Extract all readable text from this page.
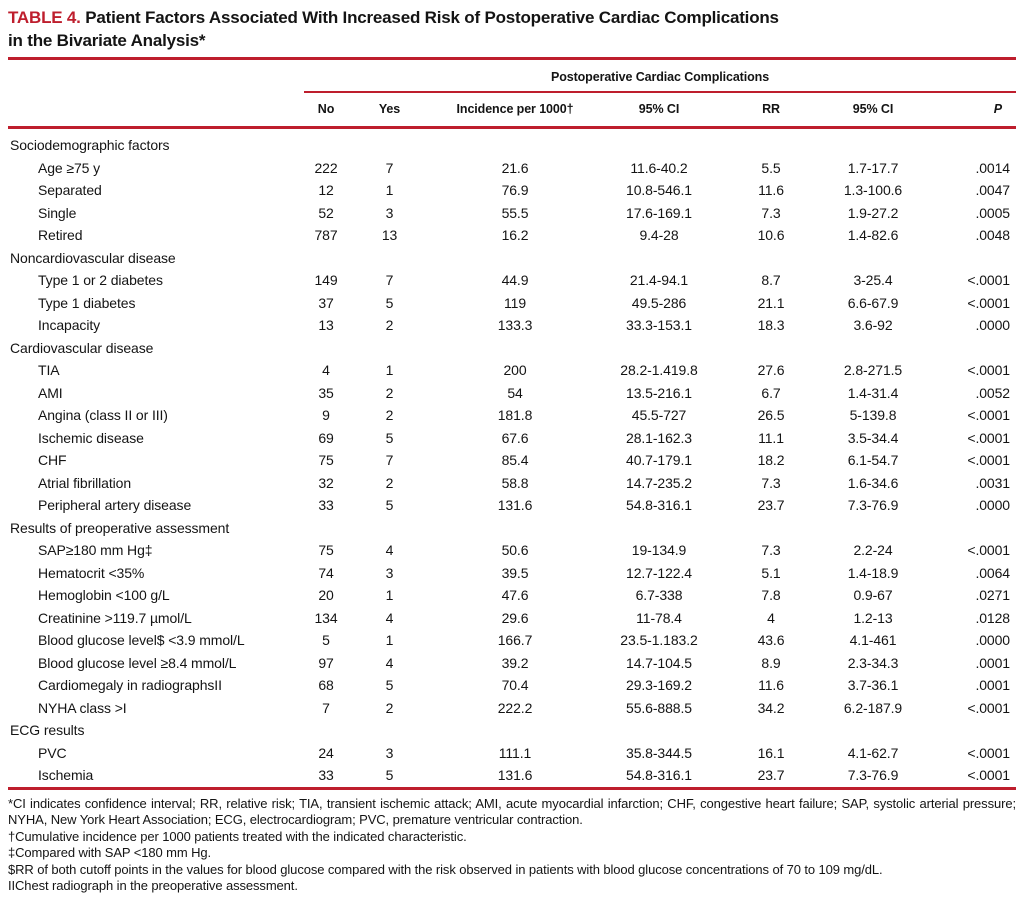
TABLE 4. Patient Factors Associated With Increased Risk of Postoperative Cardiac Complications
in the Bivariate Analysis*
	Postoperative Cardiac Complications						
	No	Yes	Incidence per 1000†	95% CI	RR	95% CI	P
Sociodemographic factors							
Age ≥75 y	222	7	21.6	11.6-40.2	5.5	1.7-17.7	.0014
Separated	12	1	76.9	10.8-546.1	11.6	1.3-100.6	.0047
Single	52	3	55.5	17.6-169.1	7.3	1.9-27.2	.0005
Retired	787	13	16.2	9.4-28	10.6	1.4-82.6	.0048
Noncardiovascular disease							
Type 1 or 2 diabetes	149	7	44.9	21.4-94.1	8.7	3-25.4	<.0001
Type 1 diabetes	37	5	119	49.5-286	21.1	6.6-67.9	<.0001
Incapacity	13	2	133.3	33.3-153.1	18.3	3.6-92	.0000
Cardiovascular disease							
TIA	4	1	200	28.2-1.419.8	27.6	2.8-271.5	<.0001
AMI	35	2	54	13.5-216.1	6.7	1.4-31.4	.0052
Angina (class II or III)	9	2	181.8	45.5-727	26.5	5-139.8	<.0001
Ischemic disease	69	5	67.6	28.1-162.3	11.1	3.5-34.4	<.0001
CHF	75	7	85.4	40.7-179.1	18.2	6.1-54.7	<.0001
Atrial fibrillation	32	2	58.8	14.7-235.2	7.3	1.6-34.6	.0031
Peripheral artery disease	33	5	131.6	54.8-316.1	23.7	7.3-76.9	.0000
Results of preoperative assessment							
SAP≥180 mm Hg‡	75	4	50.6	19-134.9	7.3	2.2-24	<.0001
Hematocrit <35%	74	3	39.5	12.7-122.4	5.1	1.4-18.9	.0064
Hemoglobin <100 g/L	20	1	47.6	6.7-338	7.8	0.9-67	.0271
Creatinine >119.7 µmol/L	134	4	29.6	11-78.4	4	1.2-13	.0128
Blood glucose level$ <3.9 mmol/L	5	1	166.7	23.5-1.183.2	43.6	4.1-461	.0000
Blood glucose level ≥8.4 mmol/L	97	4	39.2	14.7-104.5	8.9	2.3-34.3	.0001
Cardiomegaly in radiographsII	68	5	70.4	29.3-169.2	11.6	3.7-36.1	.0001
NYHA class >I	7	2	222.2	55.6-888.5	34.2	6.2-187.9	<.0001
ECG results							
PVC	24	3	111.1	35.8-344.5	16.1	4.1-62.7	<.0001
Ischemia	33	5	131.6	54.8-316.1	23.7	7.3-76.9	<.0001

*CI indicates confidence interval; RR, relative risk; TIA, transient ischemic attack; AMI, acute myocardial infarction; CHF, congestive heart failure; SAP, systolic arterial pressure; NYHA, New York Heart Association; ECG, electrocardiogram; PVC, premature ventricular contraction.

†Cumulative incidence per 1000 patients treated with the indicated characteristic.

‡Compared with SAP <180 mm Hg.

$RR of both cutoff points in the values for blood glucose compared with the risk observed in patients with blood glucose concentrations of 70 to 109 mg/dL.

IIChest radiograph in the preoperative assessment.
